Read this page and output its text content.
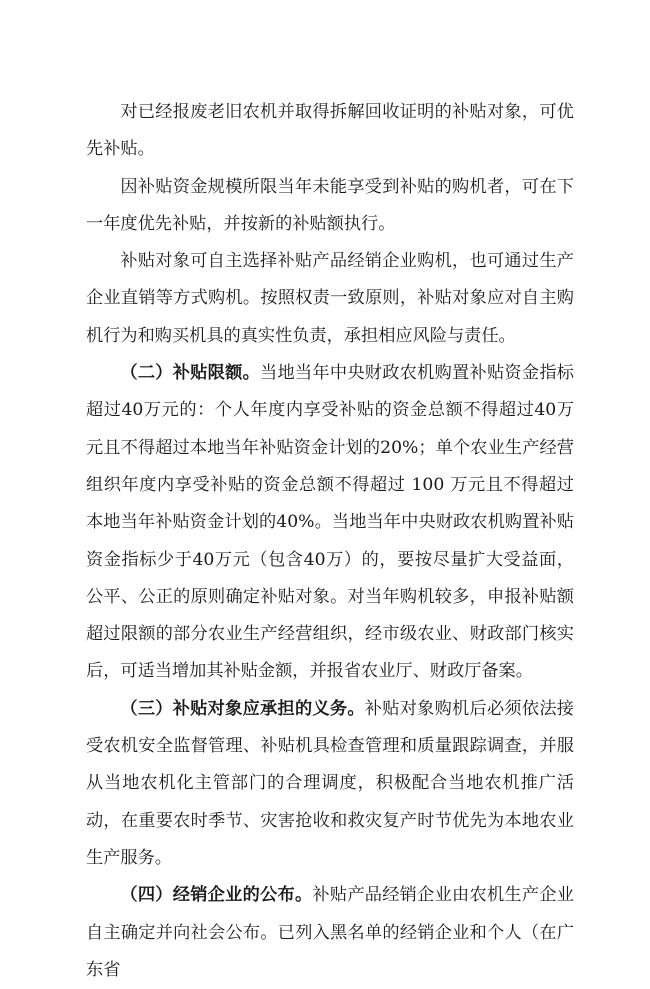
对已经报废老旧农机并取得拆解回收证明的补贴对象，可优先补贴。

因补贴资金规模所限当年未能享受到补贴的购机者，可在下一年度优先补贴，并按新的补贴额执行。

补贴对象可自主选择补贴产品经销企业购机，也可通过生产企业直销等方式购机。按照权责一致原则，补贴对象应对自主购机行为和购买机具的真实性负责，承担相应风险与责任。

（二）补贴限额。当地当年中央财政农机购置补贴资金指标超过40万元的：个人年度内享受补贴的资金总额不得超过40万元且不得超过本地当年补贴资金计划的20%；单个农业生产经营组织年度内享受补贴的资金总额不得超过 100 万元且不得超过本地当年补贴资金计划的40%。当地当年中央财政农机购置补贴资金指标少于40万元（包含40万）的，要按尽量扩大受益面，公平、公正的原则确定补贴对象。对当年购机较多，申报补贴额超过限额的部分农业生产经营组织，经市级农业、财政部门核实后，可适当增加其补贴金额，并报省农业厅、财政厅备案。

（三）补贴对象应承担的义务。补贴对象购机后必须依法接受农机安全监督管理、补贴机具检查管理和质量跟踪调查，并服从当地农机化主管部门的合理调度，积极配合当地农机推广活动，在重要农时季节、灾害抢收和救灾复产时节优先为本地农业生产服务。

（四）经销企业的公布。补贴产品经销企业由农机生产企业自主确定并向社会公布。已列入黑名单的经销企业和个人（在广东省
